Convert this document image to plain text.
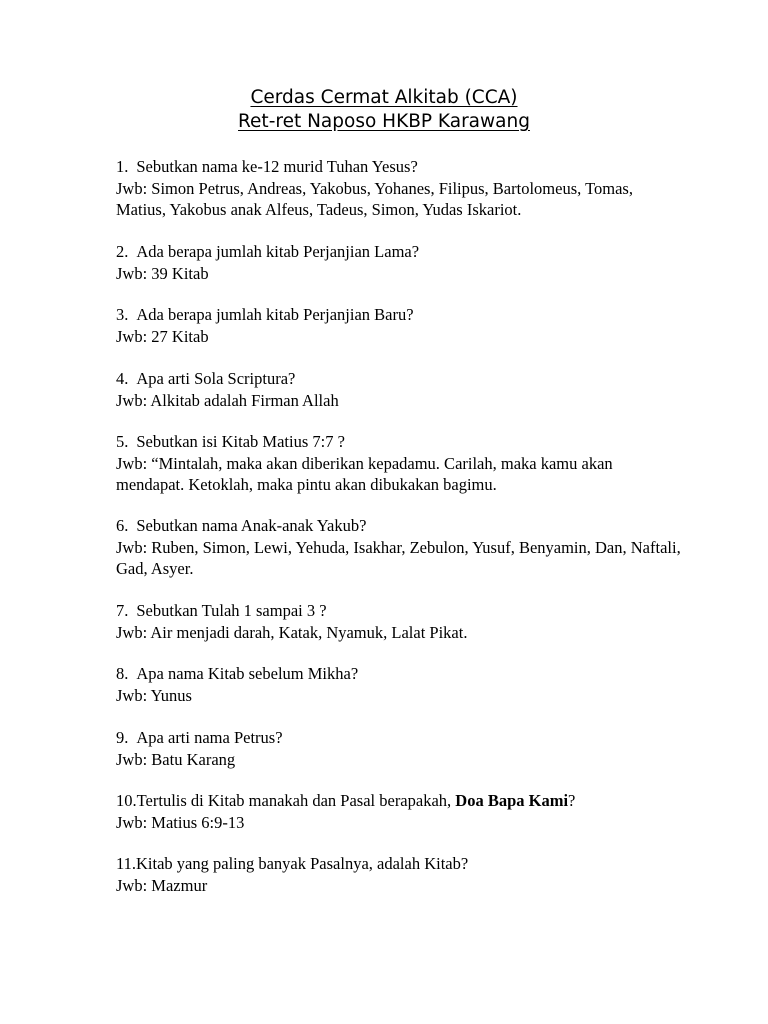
Cerdas Cermat Alkitab (CCA)
Ret-ret Naposo HKBP Karawang
1. Sebutkan nama ke-12 murid Tuhan Yesus?
Jwb: Simon Petrus, Andreas, Yakobus, Yohanes, Filipus, Bartolomeus, Tomas, Matius, Yakobus anak Alfeus, Tadeus, Simon, Yudas Iskariot.
2. Ada berapa jumlah kitab Perjanjian Lama?
Jwb: 39 Kitab
3. Ada berapa jumlah kitab Perjanjian Baru?
Jwb: 27 Kitab
4. Apa arti Sola Scriptura?
Jwb: Alkitab adalah Firman Allah
5. Sebutkan isi Kitab Matius 7:7 ?
Jwb: “Mintalah, maka akan diberikan kepadamu. Carilah, maka kamu akan mendapat. Ketoklah, maka pintu akan dibukakan bagimu.
6. Sebutkan nama Anak-anak Yakub?
Jwb: Ruben, Simon, Lewi, Yehuda, Isakhar, Zebulon, Yusuf, Benyamin, Dan, Naftali, Gad, Asyer.
7. Sebutkan Tulah 1 sampai 3 ?
Jwb: Air menjadi darah, Katak, Nyamuk, Lalat Pikat.
8. Apa nama Kitab sebelum Mikha?
Jwb: Yunus
9. Apa arti nama Petrus?
Jwb: Batu Karang
10.Tertulis di Kitab manakah dan Pasal berapakah, Doa Bapa Kami?
Jwb: Matius 6:9-13
11.Kitab yang paling banyak Pasalnya, adalah Kitab?
Jwb: Mazmur
